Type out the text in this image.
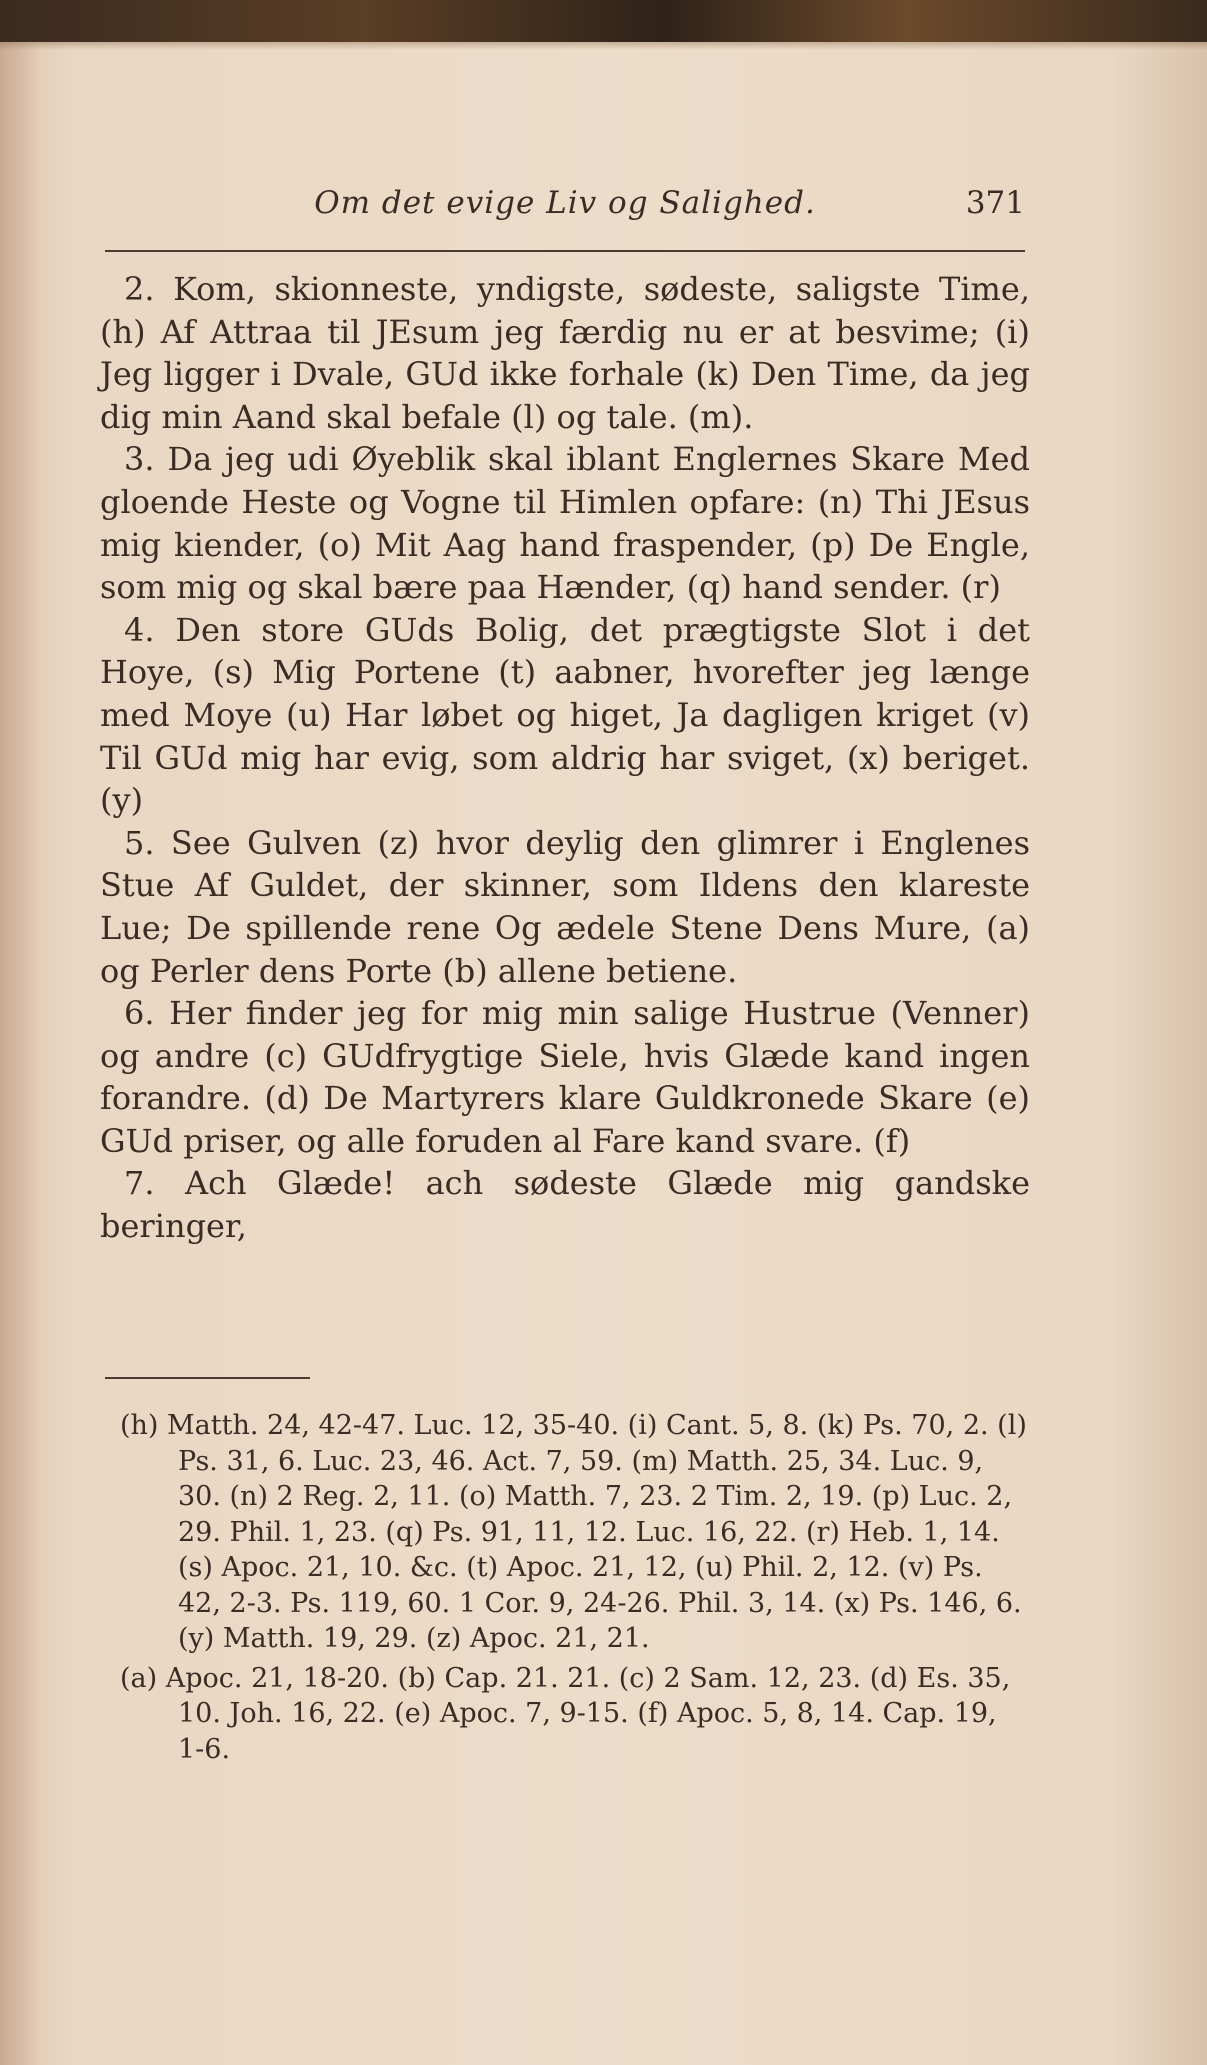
Om det evige Liv og Salighed.	371

2. Kom, skionneste, yndigste, sødeste, saligste Time, (h) Af Attraa til JEsum jeg færdig nu er at besvime; (i) Jeg ligger i Dvale, GUd ikke forhale (k) Den Time, da jeg dig min Aand skal befale (l) og tale. (m).

3. Da jeg udi Øyeblik skal iblant Englernes Skare Med gloende Heste og Vogne til Himlen opfare: (n) Thi JEsus mig kiender, (o) Mit Aag hand fraspender, (p) De Engle, som mig og skal bære paa Hænder, (q) hand sender. (r)

4. Den store GUds Bolig, det prægtigste Slot i det Hoye, (s) Mig Portene (t) aabner, hvorefter jeg længe med Moye (u) Har løbet og higet, Ja dagligen kriget (v) Til GUd mig har evig, som aldrig har sviget, (x) beriget. (y)

5. See Gulven (z) hvor deylig den glimrer i Englenes Stue Af Guldet, der skinner, som Ildens den klareste Lue; De spillende rene Og ædele Stene Dens Mure, (a) og Perler dens Porte (b) allene betiene.

6. Her finder jeg for mig min salige Hustrue (Venner) og andre (c) GUdfrygtige Siele, hvis Glæde kand ingen forandre. (d) De Martyrers klare Guldkronede Skare (e) GUd priser, og alle foruden al Fare kand svare. (f)

7. Ach Glæde! ach sødeste Glæde mig gandske beringer,

(h) Matth. 24, 42-47. Luc. 12, 35-40. (i) Cant. 5, 8. (k) Ps. 70, 2. (l) Ps. 31, 6. Luc. 23, 46. Act. 7, 59. (m) Matth. 25, 34. Luc. 9, 30. (n) 2 Reg. 2, 11. (o) Matth. 7, 23. 2 Tim. 2, 19. (p) Luc. 2, 29. Phil. 1, 23. (q) Ps. 91, 11, 12. Luc. 16, 22. (r) Heb. 1, 14. (s) Apoc. 21, 10. &c. (t) Apoc. 21, 12, (u) Phil. 2, 12. (v) Ps. 42, 2-3. Ps. 119, 60. 1 Cor. 9, 24-26. Phil. 3, 14. (x) Ps. 146, 6. (y) Matth. 19, 29. (z) Apoc. 21, 21.

(a) Apoc. 21, 18-20. (b) Cap. 21. 21. (c) 2 Sam. 12, 23. (d) Es. 35, 10. Joh. 16, 22. (e) Apoc. 7, 9-15. (f) Apoc. 5, 8, 14. Cap. 19, 1-6.
